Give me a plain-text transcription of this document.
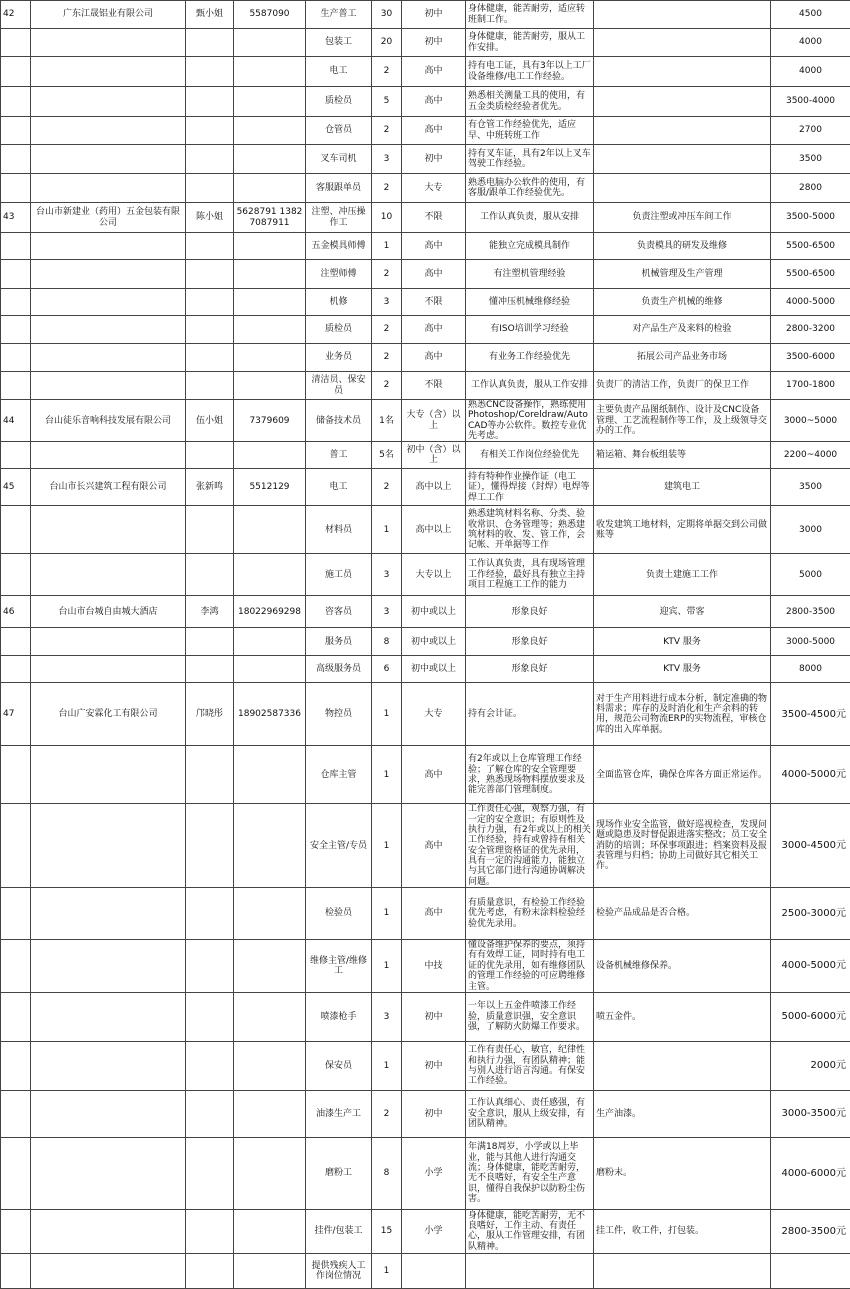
42	广东江晟铝业有限公司	甄小姐	5587090	生产普工	30	初中	身体健康，能苦耐劳，适应转班制工作。		4500
				包装工	20	初中	身体健康，能苦耐劳，服从工作安排。		4000
				电工	2	高中	持有电工证，具有3年以上工厂设备维修/电工工作经验。		4000
				质检员	5	高中	熟悉相关测量工具的使用，有五金类质检经验者优先。		3500-4000
				仓管员	2	高中	有仓管工作经验优先，适应早、中班转班工作		2700
				叉车司机	3	初中	持有叉车证，具有2年以上叉车驾驶工作经验。		3500
				客服跟单员	2	大专	熟悉电脑办公软件的使用，有客服/跟单工作经验优先。		2800
43	台山市新建业（药用）五金包装有限公司	陈小姐	5628791 13827087911	注塑、冲压操作工	10	不限	工作认真负责，服从安排	负责注塑或冲压车间工作	3500-5000
				五金模具师傅	1	高中	能独立完成模具制作	负责模具的研发及维修	5500-6500
				注塑师傅	2	高中	有注塑机管理经验	机械管理及生产管理	5500-6500
				机修	3	不限	懂冲压机械维修经验	负责生产机械的维修	4000-5000
				质检员	2	高中	有ISO培训学习经验	对产品生产及来料的检验	2800-3200
				业务员	2	高中	有业务工作经验优先	拓展公司产品业务市场	3500-6000
				清洁员、保安员	2	不限	工作认真负责，服从工作安排	负责厂的清洁工作，负责厂的保卫工作	1700-1800
44	台山徒乐音响科技发展有限公司	伍小姐	7379609	储备技术员	1名	大专（含）以上	熟悉CNC设备操作，熟练使用Photoshop/Coreldraw/AutoCAD等办公软件。数控专业优先考虑。	主要负责产品图纸制作、设计及CNC设备管理、工艺流程制作等工作，及上级领导交办的工作。	3000~5000
				普工	5名	初中（含）以上	有相关工作岗位经验优先	箱运箱、舞台板组装等	2200~4000
45	台山市长兴建筑工程有限公司	张新鸣	5512129	电工	2	高中以上	持有特种作业操作证（电工证），懂得焊接（封焊）电焊等焊工工作	建筑电工	3500
				材料员	1	高中以上	熟悉建筑材料名称、分类、验收常识、仓务管理等；熟悉建筑材料的收、发、管工作，会记帐、开单据等工作	收发建筑工地材料，定期将单据交到公司做账等	3000
				施工员	3	大专以上	工作认真负责，具有现场管理工作经验，最好具有独立主持项目工程施工工作的能力	负责土建施工工作	5000
46	台山市台城自由城大酒店	李鸿	18022969298	咨客员	3	初中或以上	形象良好	迎宾、带客	2800-3500
				服务员	8	初中或以上	形象良好	KTV 服务	3000-5000
				高级服务员	6	初中或以上	形象良好	KTV 服务	8000
47	台山广安霖化工有限公司	邝晓彤	18902587336	物控员	1	大专	持有会计证。	对于生产用料进行成本分析，制定准确的物料需求；库存的及时消化和生产余料的转用，规范公司物流ERP的实物流程，审核仓库的出入库单据。	3500-4500元
				仓库主管	1	高中	有2年或以上仓库管理工作经验；了解仓库的安全管理要求，熟悉现场物料摆放要求及能完善部门管理制度。	全面监管仓库，确保仓库各方面正常运作。	4000-5000元
				安全主管/专员	1	高中	工作责任心强，观察力强，有一定的安全意识；有原则性及执行力强，有2年或以上的相关工作经验，持有或曾持有相关安全管理资格证的优先录用，具有一定的沟通能力，能独立与其它部门进行沟通协调解决问题。	现场作业安全监管，做好巡视检查，发现问题或隐患及时督促跟进落实整改；员工安全消防的培训；环保事项跟进；档案资料及报表管理与归档；协助上司做好其它相关工作。	3000-4500元
				检验员	1	高中	有质量意识，有检验工作经验优先考虑，有粉末涂料检验经验优先录用。	检验产品成品是否合格。	2500-3000元
				维修主管/维修工	1	中技	懂设备维护保养的要点，须持有有效焊工证，同时持有电工证的优先录用，如有维修团队的管理工作经验的可应聘维修主管。	设备机械维修保养。	4000-5000元
				喷漆枪手	3	初中	一年以上五金件喷漆工作经验，质量意识强，安全意识强，了解防火防爆工作要求。	喷五金件。	5000-6000元
				保安员	1	初中	工作有责任心，敏官，纪律性和执行力强，有团队精神；能与别人进行语言沟通。有保安工作经验。		2000元
				油漆生产工	2	初中	工作认真细心、责任感强，有安全意识，服从上级安排，有团队精神。	生产油漆。	3000-3500元
				磨粉工	8	小学	年满18周岁，小学或以上毕业，能与其他人进行沟通交流；身体健康，能吃苦耐劳，无不良嗜好，有安全生产意识，懂得自我保护以防粉尘伤害。	磨粉末。	4000-6000元
				挂件/包装工	15	小学	身体健康，能吃苦耐劳，无不良嗜好，工作主动、有责任心，服从工作管理安排，有团队精神。	挂工件，收工件，打包装。	2800-3500元
				提供残疾人工作岗位情况	1				
